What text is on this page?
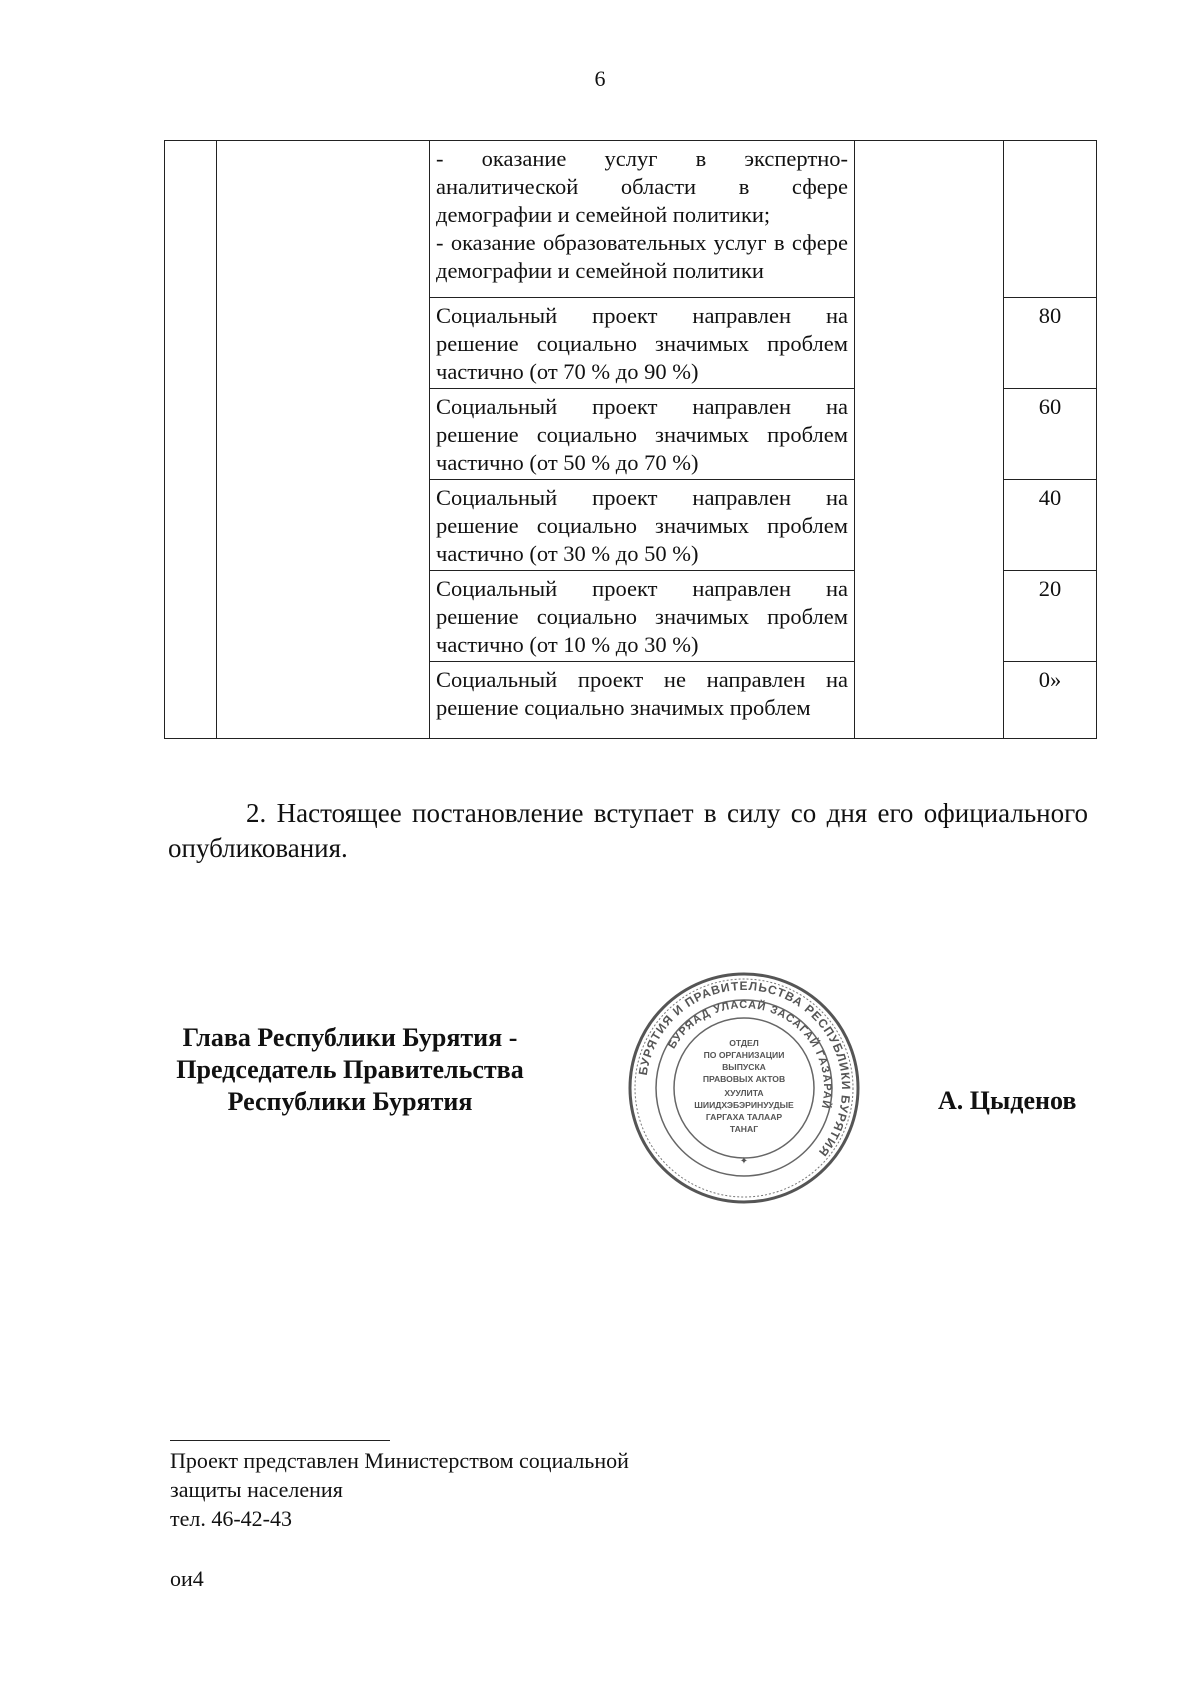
6

		- оказание услуг в экспертно-аналитической области в сфере демографии и семейной политики;
- оказание образовательных услуг в сфере демографии и семейной политики		

		Социальный проект направлен на решение социально значимых проблем частично (от 70 % до 90 %)		80
		Социальный проект направлен на решение социально значимых проблем частично (от 50 % до 70 %)		60
		Социальный проект направлен на решение социально значимых проблем частично (от 30 % до 50 %)		40
		Социальный проект направлен на решение социально значимых проблем частично (от 10 % до 30 %)		20
		Социальный проект не направлен на решение социально значимых проблем		0»

2. Настоящее постановление вступает в силу со дня его официального опубликования.

Глава Республики Бурятия -
Председатель Правительства
Республики Бурятия
БУРЯТИЯ И ПРАВИТЕЛЬСТВА РЕСПУБЛИКИ БУРЯТИЯ
БУРЯАД УЛАСАЙ ЗАСАГАЙ ГАЗАРАЙ
ОТДЕЛ
ПО ОРГАНИЗАЦИИ
ВЫПУСКА
ПРАВОВЫХ АКТОВ
ХУУЛИТА
ШИИДХЭБЭРИНУУДЫЕ
ГАРГАХА ТАЛААР
ТАНАГ
✦
А. Цыденов
Проект представлен Министерством социальной
защиты населения
тел. 46-42-43
ои4
